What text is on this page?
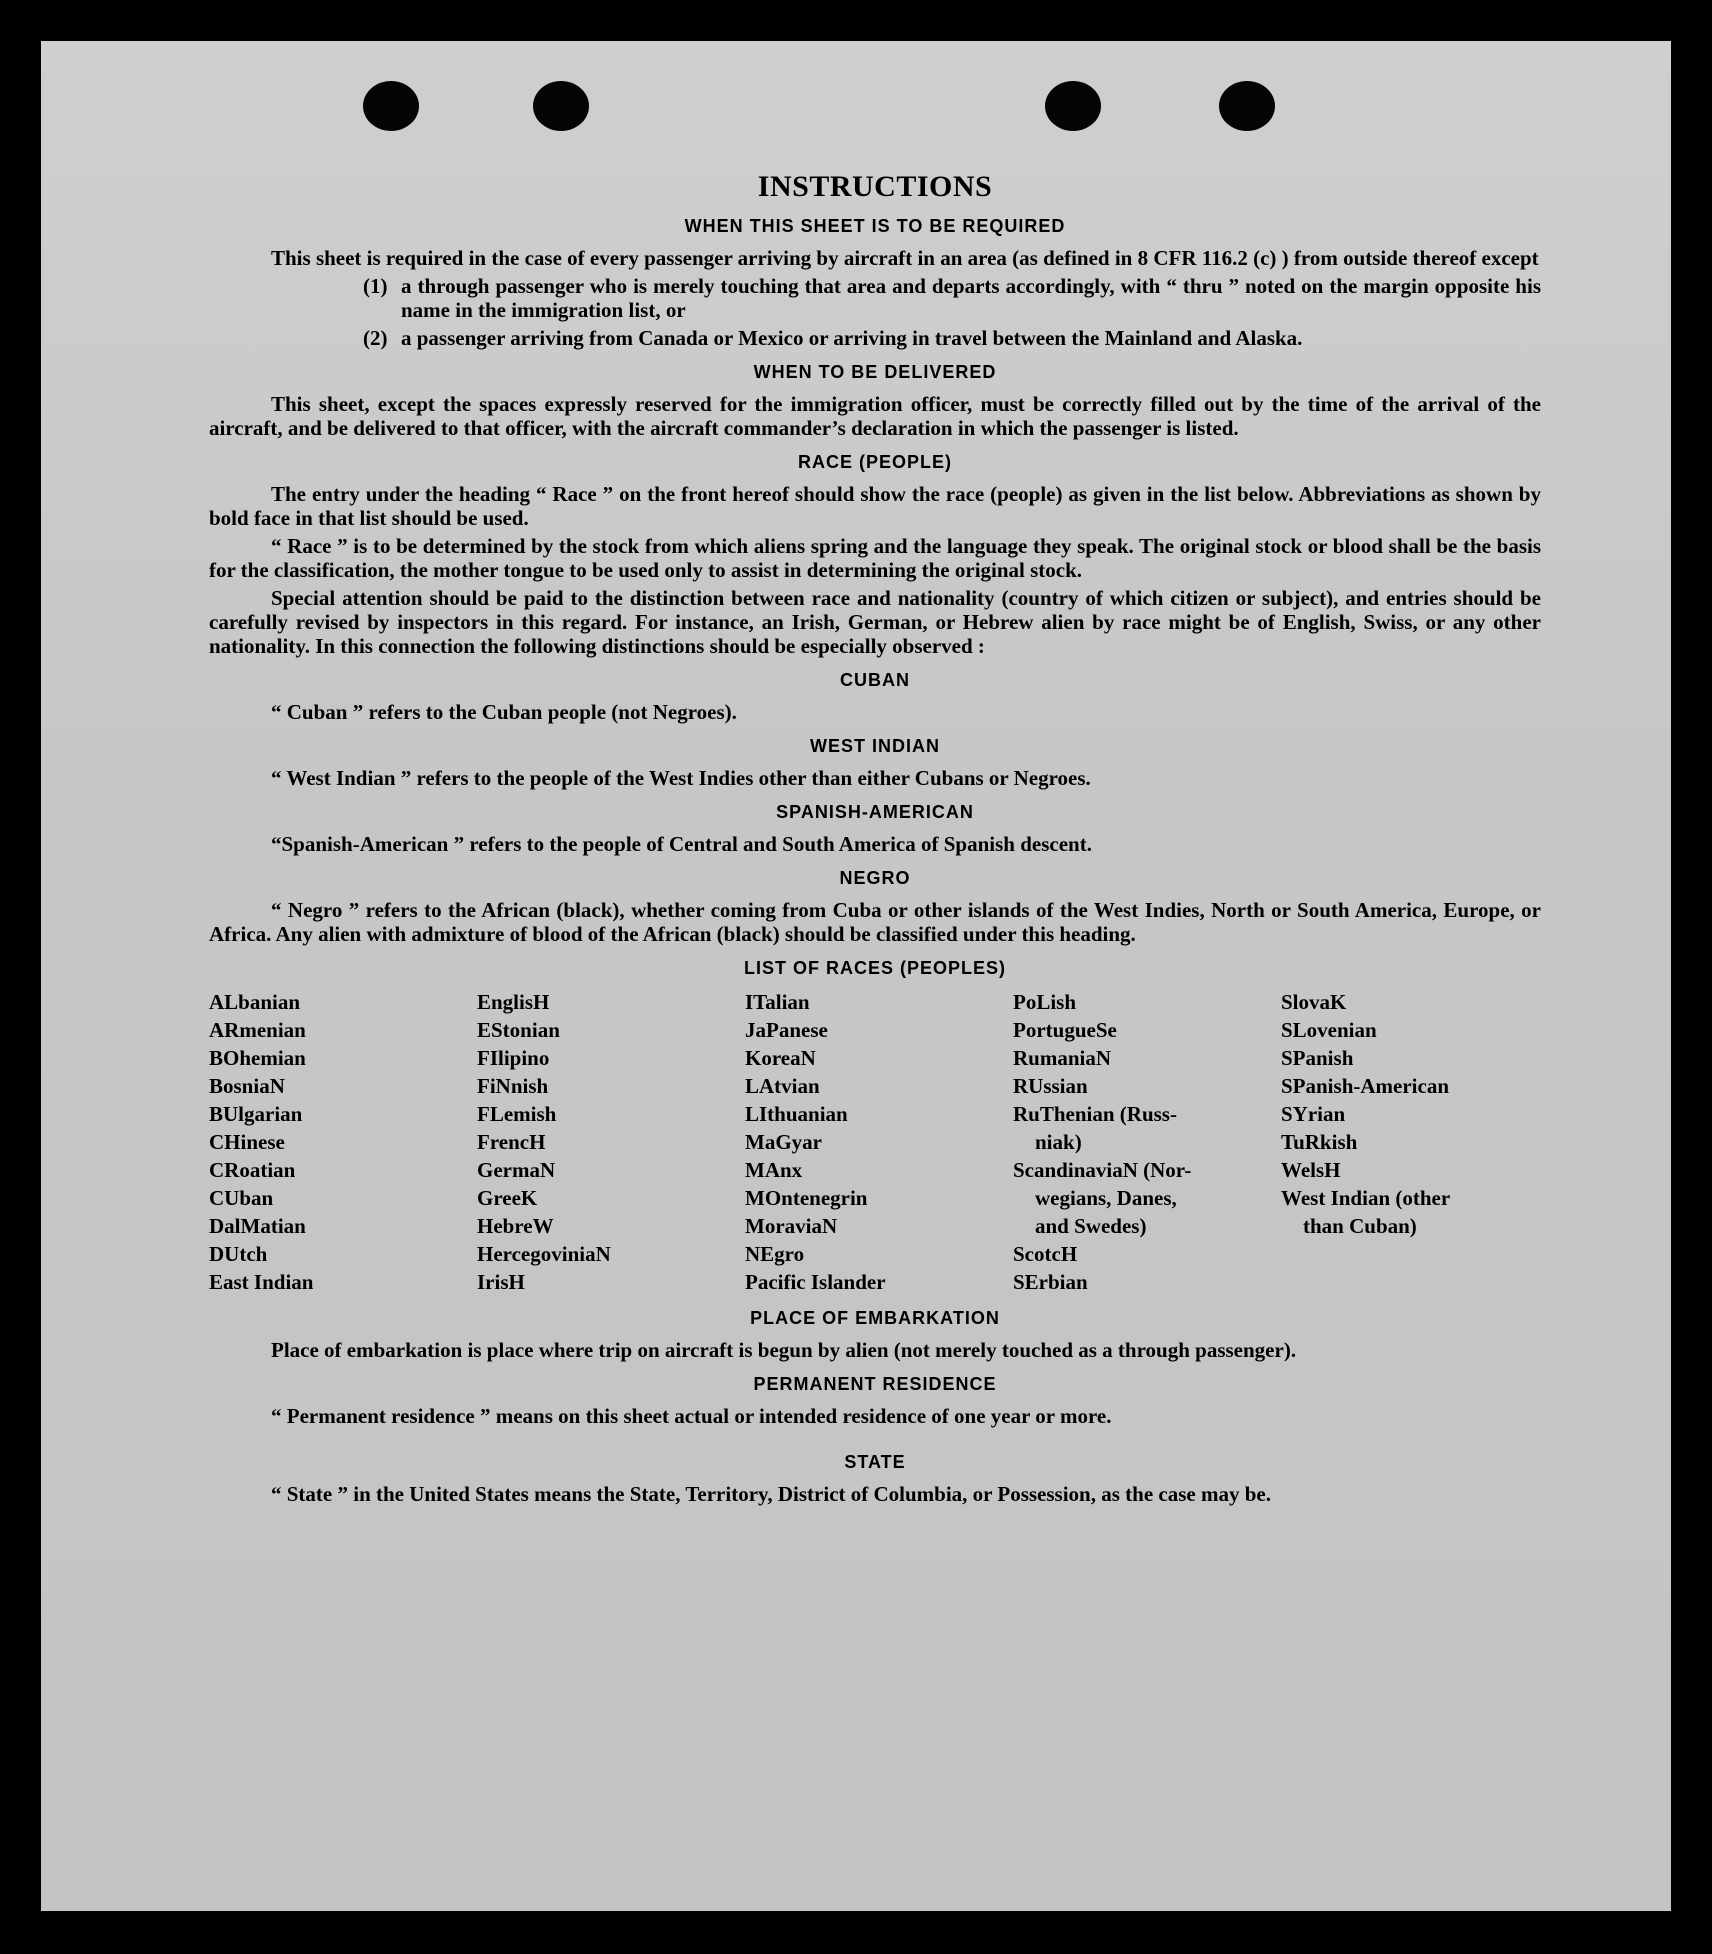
INSTRUCTIONS
WHEN THIS SHEET IS TO BE REQUIRED

This sheet is required in the case of every passenger arriving by aircraft in an area (as defined in 8 CFR 116.2 (c) ) from outside thereof except

(1) a through passenger who is merely touching that area and departs accordingly, with “ thru ” noted on the margin opposite his name in the immigration list, or
(2) a passenger arriving from Canada or Mexico or arriving in travel between the Mainland and Alaska.
WHEN TO BE DELIVERED

This sheet, except the spaces expressly reserved for the immigration officer, must be correctly filled out by the time of the arrival of the aircraft, and be delivered to that officer, with the aircraft commander’s declaration in which the passenger is listed.

RACE (PEOPLE)

The entry under the heading “ Race ” on the front hereof should show the race (people) as given in the list below. Abbreviations as shown by bold face in that list should be used.

“ Race ” is to be determined by the stock from which aliens spring and the language they speak. The original stock or blood shall be the basis for the classification, the mother tongue to be used only to assist in determining the original stock.

Special attention should be paid to the distinction between race and nationality (country of which citizen or subject), and entries should be carefully revised by inspectors in this regard. For instance, an Irish, German, or Hebrew alien by race might be of English, Swiss, or any other nationality. In this connection the following distinctions should be especially observed :

CUBAN

“ Cuban ” refers to the Cuban people (not Negroes).

WEST INDIAN

“ West Indian ” refers to the people of the West Indies other than either Cubans or Negroes.

SPANISH-AMERICAN

“Spanish-American ” refers to the people of Central and South America of Spanish descent.

NEGRO

“ Negro ” refers to the African (black), whether coming from Cuba or other islands of the West Indies, North or South America, Europe, or Africa. Any alien with admixture of blood of the African (black) should be classified under this heading.

LIST OF RACES (PEOPLES)
ALbanian
ARmenian
BOhemian
BosniaN
BUlgarian
CHinese
CRoatian
CUban
DalMatian
DUtch
East Indian
EnglisH
EStonian
FIlipino
FiNnish
FLemish
FrencH
GermaN
GreeK
HebreW
HercegoviniaN
IrisH
ITalian
JaPanese
KoreaN
LAtvian
LIthuanian
MaGyar
MAnx
MOntenegrin
MoraviaN
NEgro
Pacific Islander
PoLish
PortugueSe
RumaniaN
RUssian
RuThenian (Russ-
niak)
ScandinaviaN (Nor-
wegians, Danes,
and Swedes)
ScotcH
SErbian
SlovaK
SLovenian
SPanish
SPanish-American
SYrian
TuRkish
WelsH
West Indian (other
than Cuban)
PLACE OF EMBARKATION

Place of embarkation is place where trip on aircraft is begun by alien (not merely touched as a through passenger).

PERMANENT RESIDENCE

“ Permanent residence ” means on this sheet actual or intended residence of one year or more.

STATE

“ State ” in the United States means the State, Territory, District of Columbia, or Possession, as the case may be.
